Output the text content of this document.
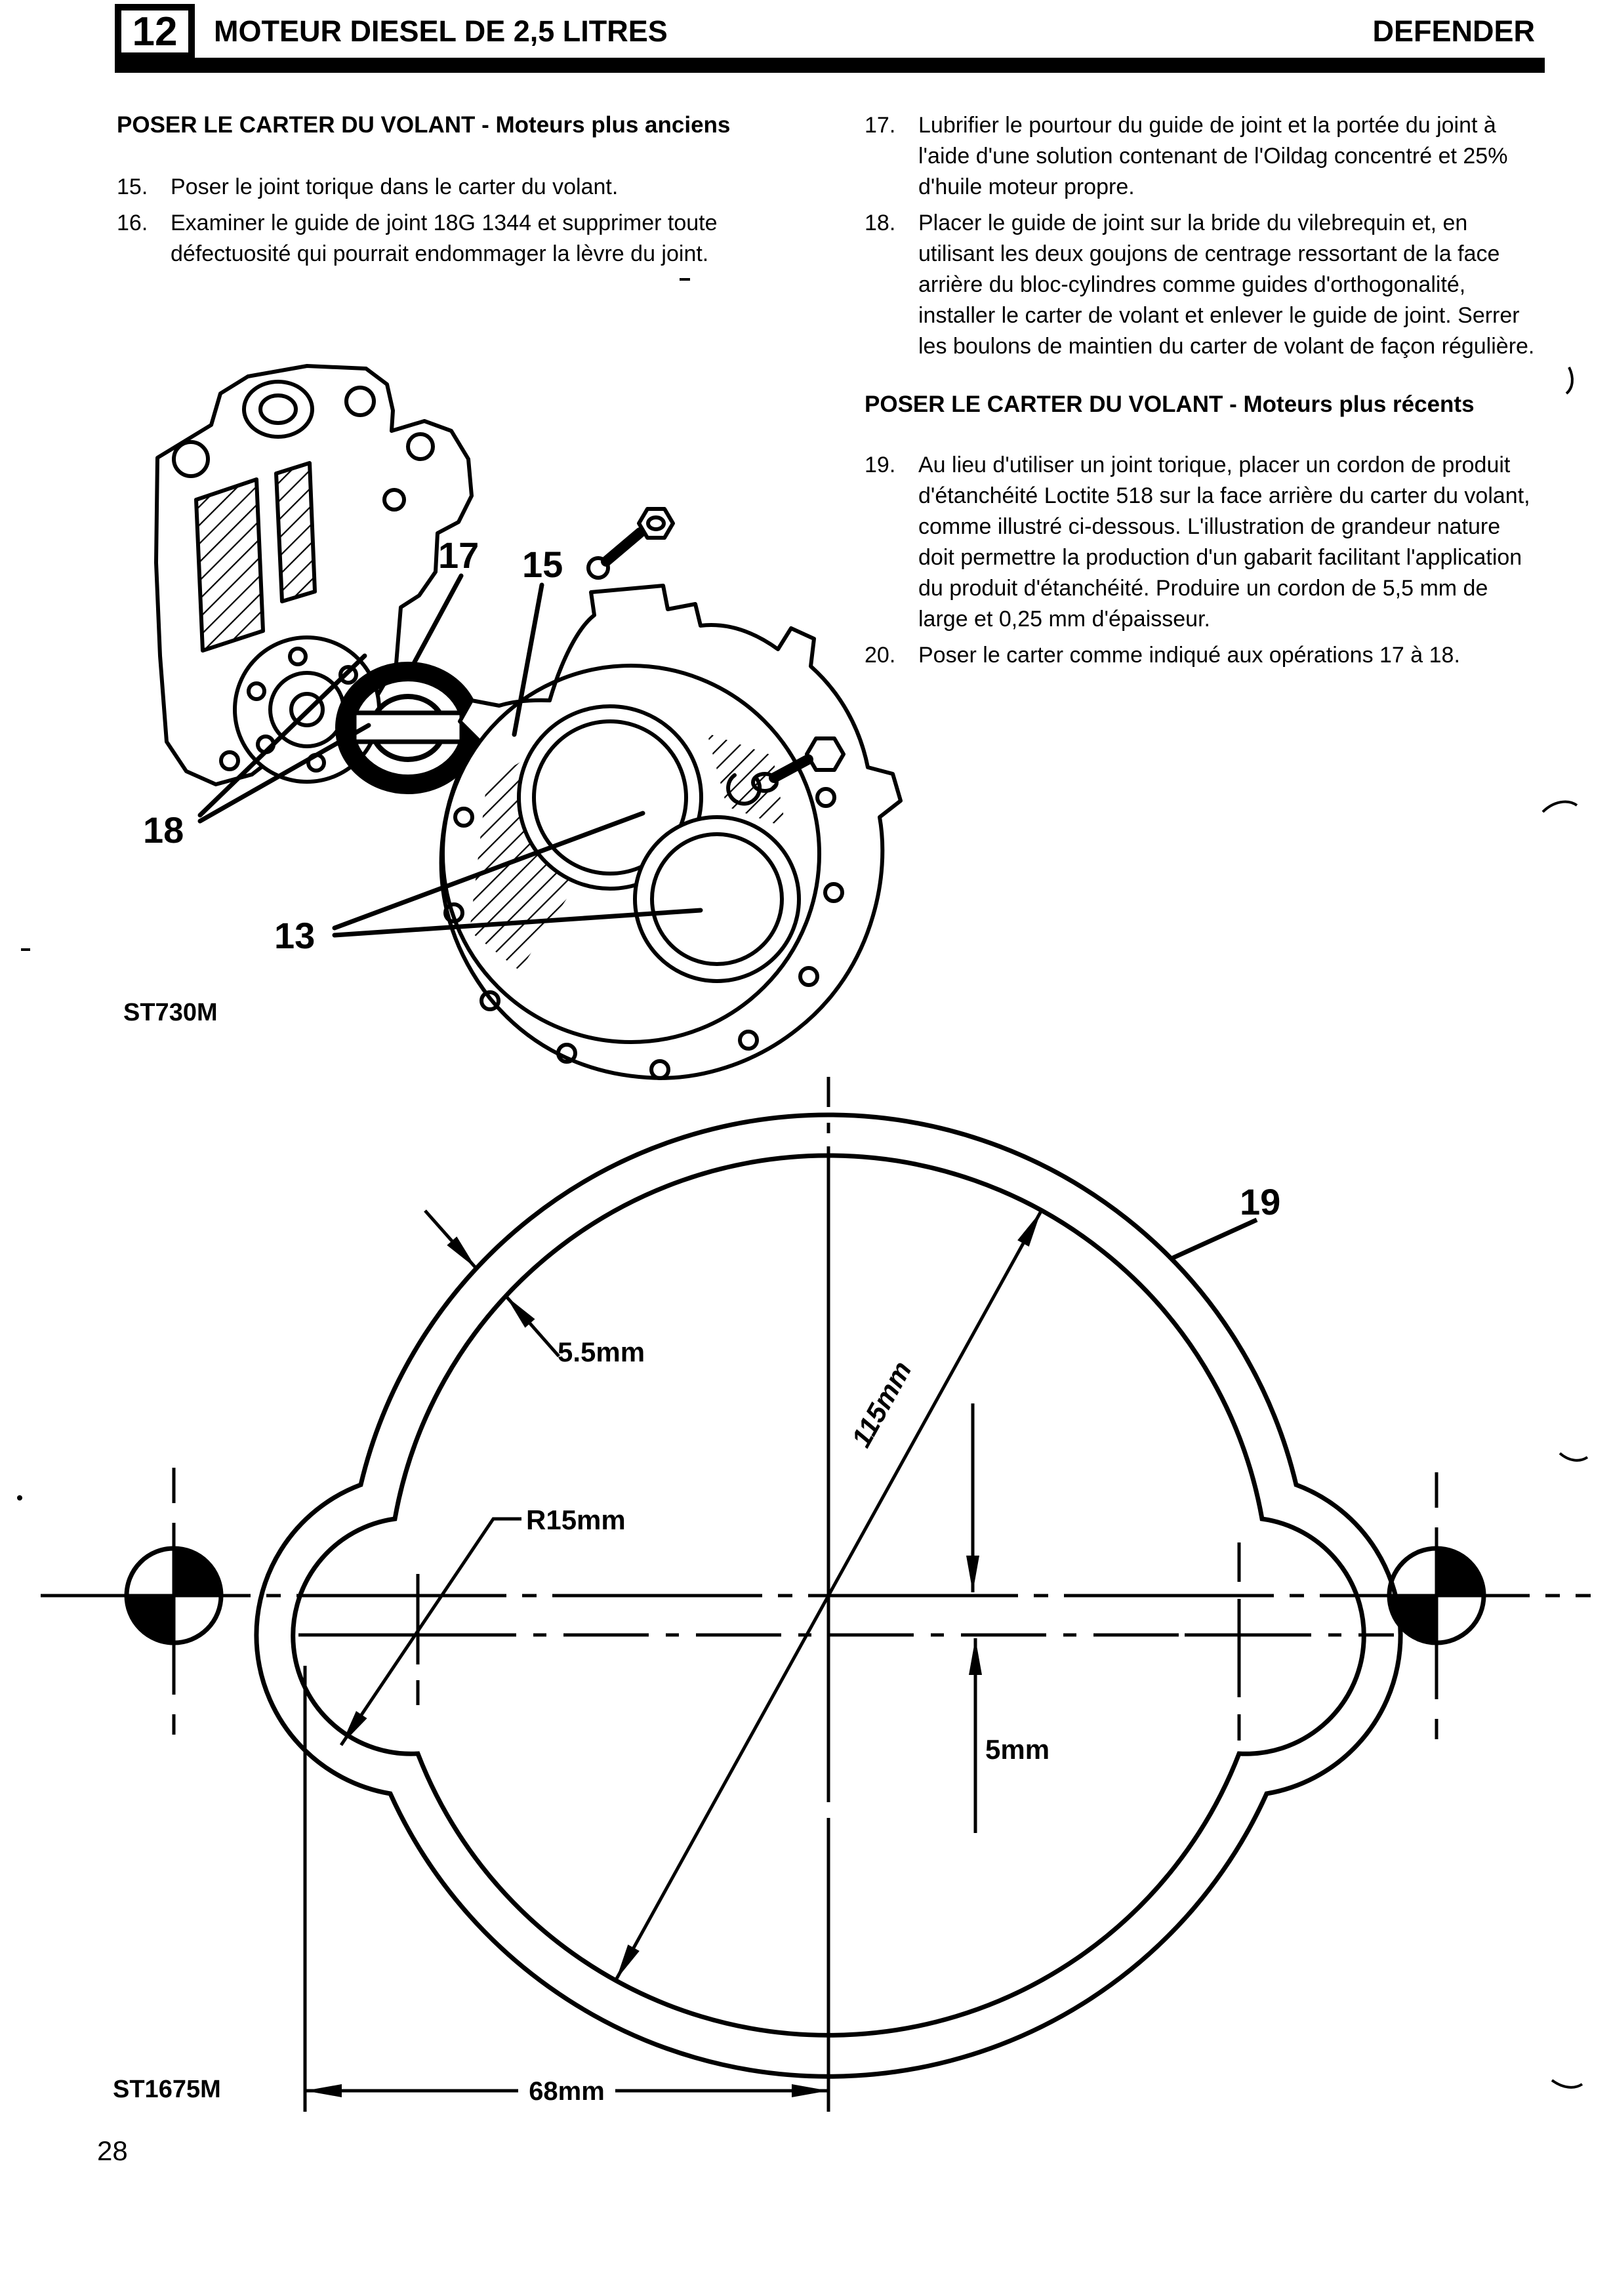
12 MOTEUR DIESEL DE 2,5 LITRES	DEFENDER

POSER LE CARTER DU VOLANT - Moteurs plus anciens

15.	Poser le joint torique dans le carter du volant.
16.	Examiner le guide de joint 18G 1344 et supprimer toute défectuosité qui pourrait endommager la lèvre du joint.
17.	Lubrifier le pourtour du guide de joint et la portée du joint à l'aide d'une solution contenant de l'Oildag concentré et 25% d'huile moteur propre.
18.	Placer le guide de joint sur la bride du vilebrequin et, en utilisant les deux goujons de centrage ressortant de la face arrière du bloc-cylindres comme guides d'orthogonalité, installer le carter de volant et enlever le guide de joint. Serrer les boulons de maintien du carter de volant de façon régulière.

POSER LE CARTER DU VOLANT - Moteurs plus récents

19.	Au lieu d'utiliser un joint torique, placer un cordon de produit d'étanchéité Loctite 518 sur la face arrière du carter du volant, comme illustré ci-dessous. L'illustration de grandeur nature doit permettre la production d'un gabarit facilitant l'application du produit d'étanchéité. Produire un cordon de 5,5 mm de large et 0,25 mm d'épaisseur.
20.	Poser le carter comme indiqué aux opérations 17 à 18.
17 15
18
13
ST730M
5.5mm
115mm
R15mm
5mm
68mm
19
ST1675M
28
